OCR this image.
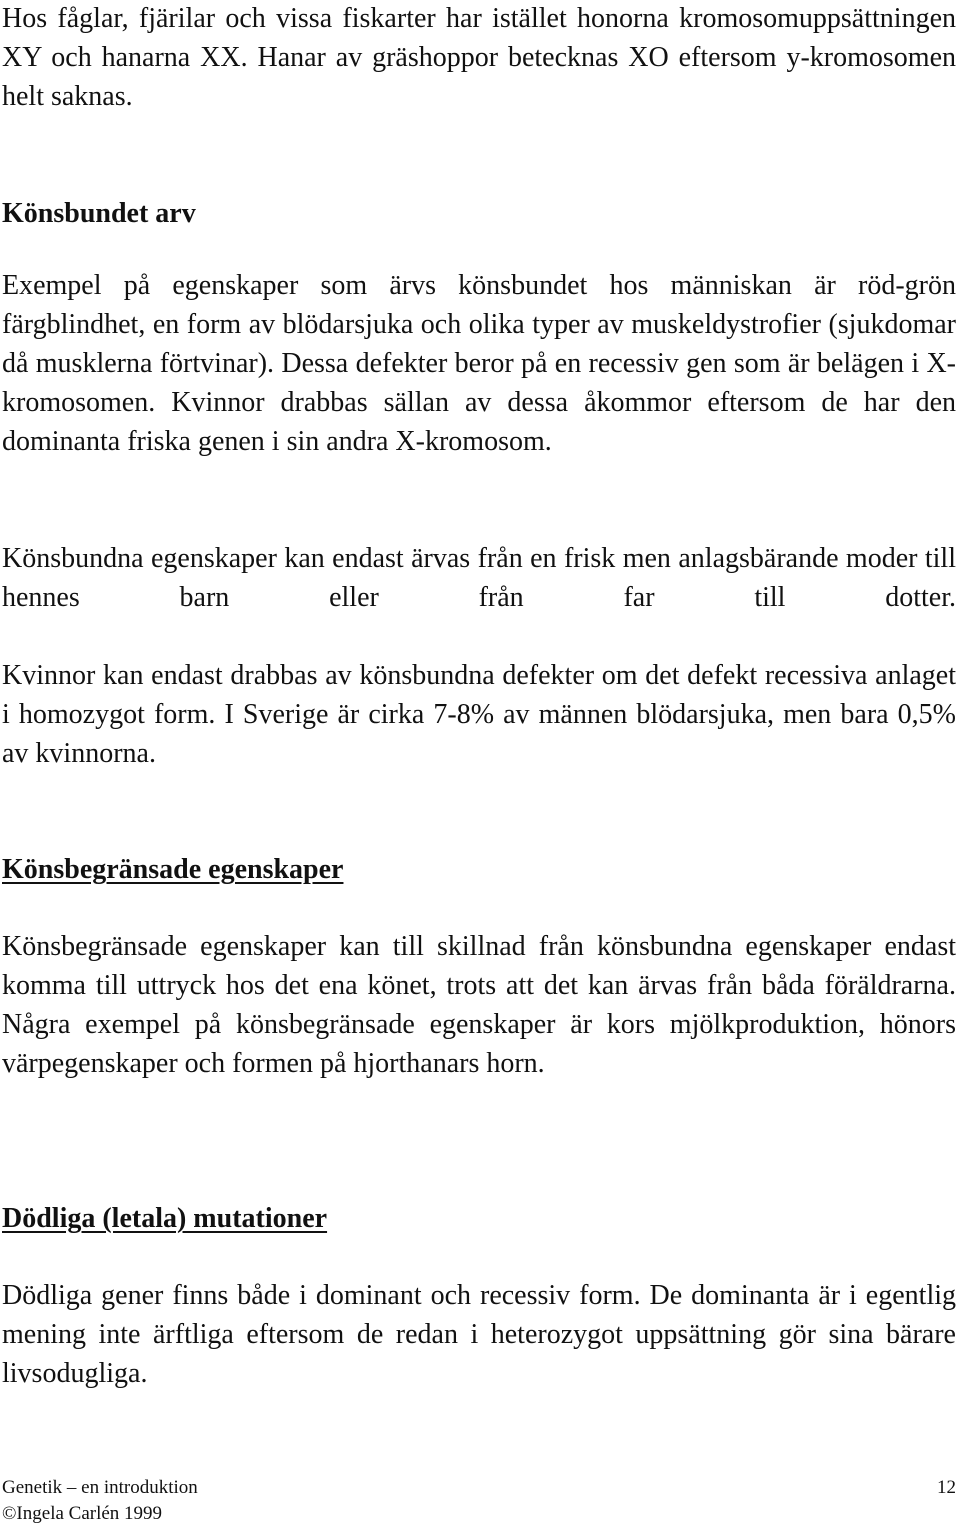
Hos fåglar, fjärilar och vissa fiskarter har istället honorna kromosomuppsättningen XY och hanarna XX. Hanar av gräshoppor betecknas XO eftersom y-kromosomen helt saknas.

Könsbundet arv

Exempel på egenskaper som ärvs könsbundet hos människan är röd-grön färgblindhet, en form av blödarsjuka och olika typer av muskeldystrofier (sjukdomar då musklerna förtvinar). Dessa defekter beror på en recessiv gen som är belägen i X-kromosomen. Kvinnor drabbas sällan av dessa åkommor eftersom de har den dominanta friska genen i sin andra X-kromosom.

Könsbundna egenskaper kan endast ärvas från en frisk men anlagsbärande moder till hennes barn eller från far till dotter.

Kvinnor kan endast drabbas av könsbundna defekter om det defekt recessiva anlaget i homozygot form. I Sverige är cirka 7-8% av männen blödarsjuka, men bara 0,5% av kvinnorna.

Könsbegränsade egenskaper

Könsbegränsade egenskaper kan till skillnad från könsbundna egenskaper endast komma till uttryck hos det ena könet, trots att det kan ärvas från båda föräldrarna. Några exempel på könsbegränsade egenskaper är kors mjölkproduktion, hönors värpegenskaper och formen på hjorthanars horn.

Dödliga (letala) mutationer

Dödliga gener finns både i dominant och recessiv form. De dominanta är i egentlig mening inte ärftliga eftersom de redan i heterozygot uppsättning gör sina bärare livsodugliga.

Genetik – en introduktion	12
©Ingela Carlén 1999
